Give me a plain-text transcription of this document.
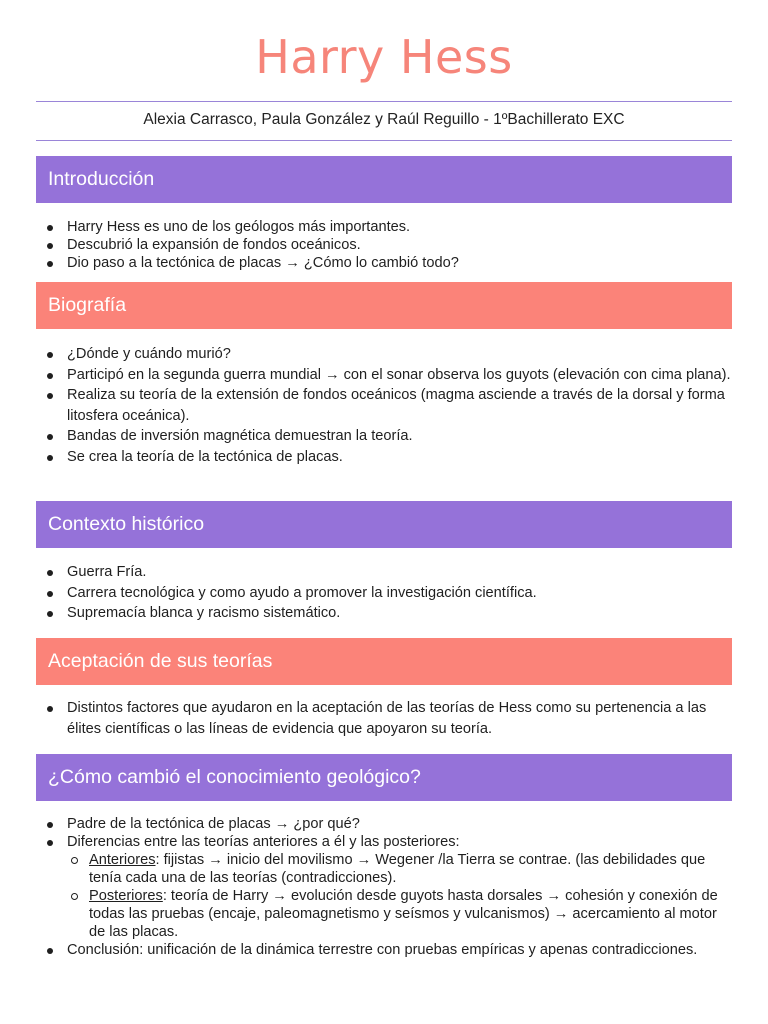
Harry Hess
Alexia Carrasco, Paula González y Raúl Reguillo - 1ºBachillerato EXC
Introducción
Harry Hess es uno de los geólogos más importantes.
Descubrió la expansión de fondos oceánicos.
Dio paso a la tectónica de placas → ¿Cómo lo cambió todo?
Biografía
¿Dónde y cuándo murió?
Participó en la segunda guerra mundial → con el sonar observa los guyots (elevación con cima plana).
Realiza su teoría de la extensión de fondos oceánicos (magma asciende a través de la dorsal y forma litosfera oceánica).
Bandas de inversión magnética demuestran la teoría.
Se crea la teoría de la tectónica de placas.
Contexto histórico
Guerra Fría.
Carrera tecnológica y como ayudo a promover la investigación científica.
Supremacía blanca y racismo sistemático.
Aceptación de sus teorías
Distintos factores que ayudaron en la aceptación de las teorías de Hess como su pertenencia a las élites científicas o las líneas de evidencia que apoyaron su teoría.
¿Cómo cambió el conocimiento geológico?
Padre de la tectónica de placas → ¿por qué?
Diferencias entre las teorías anteriores a él y las posteriores:
Anteriores: fijistas → inicio del movilismo → Wegener /la Tierra se contrae. (las debilidades que tenía cada una de las teorías (contradicciones).
Posteriores: teoría de Harry → evolución desde guyots hasta dorsales → cohesión y conexión de todas las pruebas (encaje, paleomagnetismo y seísmos y vulcanismos) → acercamiento al motor de las placas.
Conclusión: unificación de la dinámica terrestre con pruebas empíricas y apenas contradicciones.
